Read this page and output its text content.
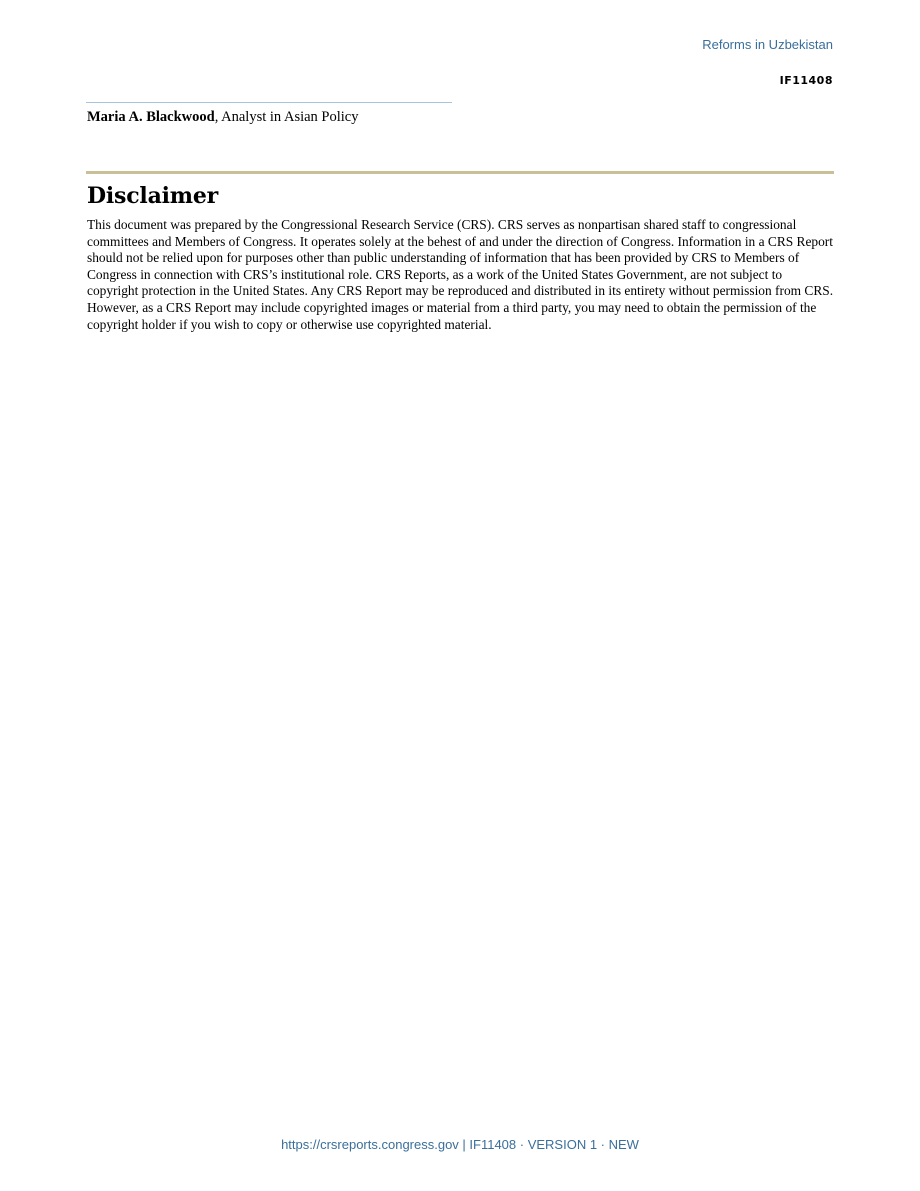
Reforms in Uzbekistan
IF11408
Maria A. Blackwood, Analyst in Asian Policy
Disclaimer

This document was prepared by the Congressional Research Service (CRS). CRS serves as nonpartisan shared staff to congressional committees and Members of Congress. It operates solely at the behest of and under the direction of Congress. Information in a CRS Report should not be relied upon for purposes other than public understanding of information that has been provided by CRS to Members of Congress in connection with CRS’s institutional role. CRS Reports, as a work of the United States Government, are not subject to copyright protection in the United States. Any CRS Report may be reproduced and distributed in its entirety without permission from CRS. However, as a CRS Report may include copyrighted images or material from a third party, you may need to obtain the permission of the copyright holder if you wish to copy or otherwise use copyrighted material.

https://crsreports.congress.gov | IF11408 · VERSION 1 · NEW
